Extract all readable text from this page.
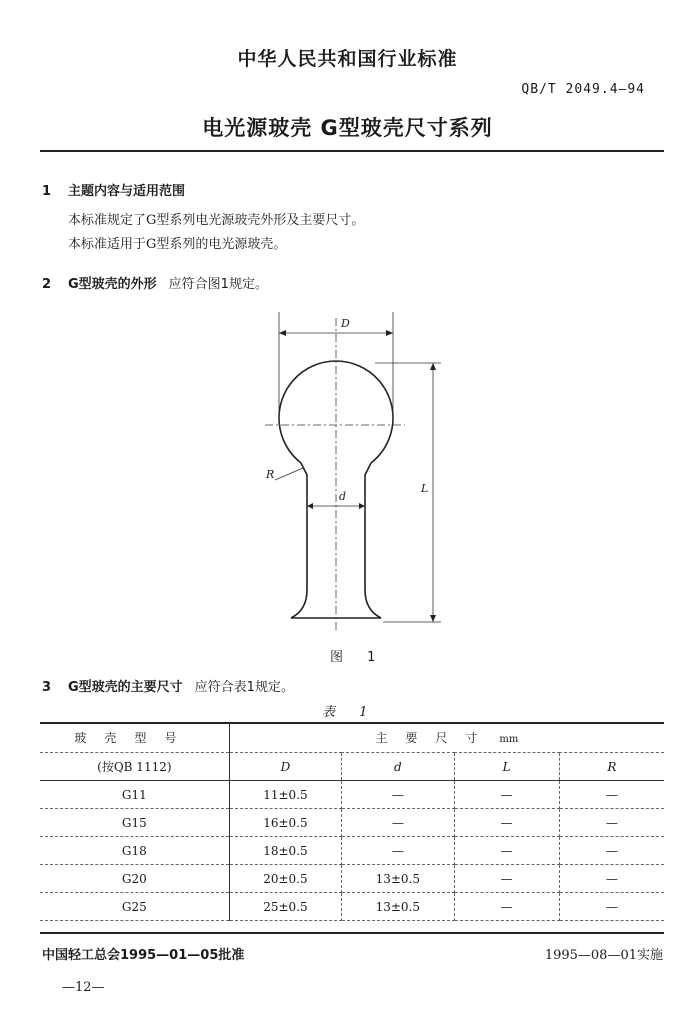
中华人民共和国行业标准
QB/T 2049.4—94
电光源玻壳 G型玻壳尺寸系列
1 主题内容与适用范围
本标准规定了G型系列电光源玻壳外形及主要尺寸。
本标准适用于G型系列的电光源玻壳。
2 G型玻壳的外形 应符合图1规定。
D
d
L
R
图 1
3 G型玻壳的主要尺寸 应符合表1规定。
表 1
玻壳型号	主要尺寸 mm			
(按QB 1112)	D	d	L	R
G11	11±0.5	—	—	—
G15	16±0.5	—	—	—
G18	18±0.5	—	—	—
G20	20±0.5	13±0.5	—	—
G25	25±0.5	13±0.5	—	—
中国轻工总会1995—01—05批准	1995—08—01实施
—12—
